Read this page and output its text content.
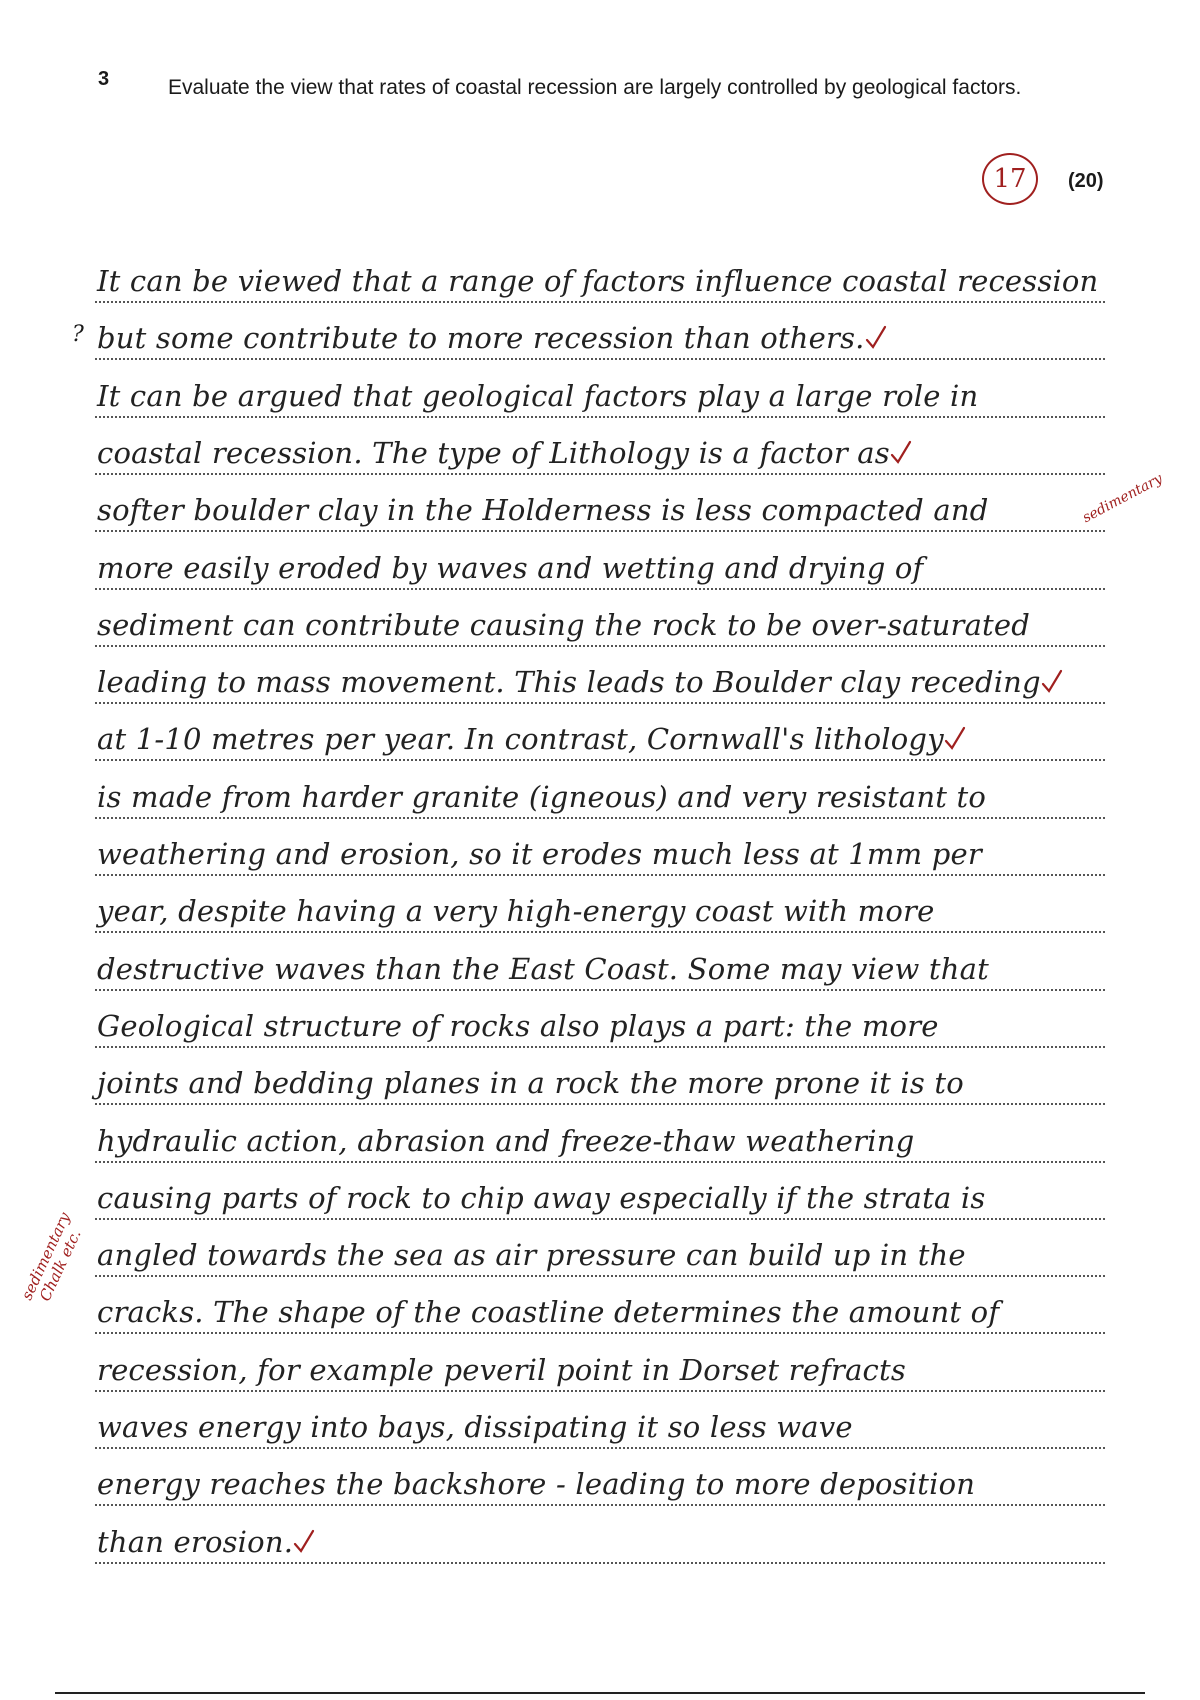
3	Evaluate the view that rates of coastal recession are largely controlled by geological factors.
17 (20)
?
sedimentary
sedimentary Chalk etc.
It can be viewed that a range of factors influence coastal recession
but some contribute to more recession than others.
It can be argued that geological factors play a large role in
coastal recession. The type of Lithology is a factor as
softer boulder clay in the Holderness is less compacted and
more easily eroded by waves and wetting and drying of
sediment can contribute causing the rock to be over-saturated
leading to mass movement. This leads to Boulder clay receding
at 1-10 metres per year. In contrast, Cornwall's lithology
is made from harder granite (igneous) and very resistant to
weathering and erosion, so it erodes much less at 1mm per
year, despite having a very high-energy coast with more
destructive waves than the East Coast. Some may view that
Geological structure of rocks also plays a part: the more
joints and bedding planes in a rock the more prone it is to
hydraulic action, abrasion and freeze-thaw weathering
causing parts of rock to chip away especially if the strata is
angled towards the sea as air pressure can build up in the
cracks. The shape of the coastline determines the amount of
recession, for example peveril point in Dorset refracts
waves energy into bays, dissipating it so less wave
energy reaches the backshore - leading to more deposition
than erosion.
